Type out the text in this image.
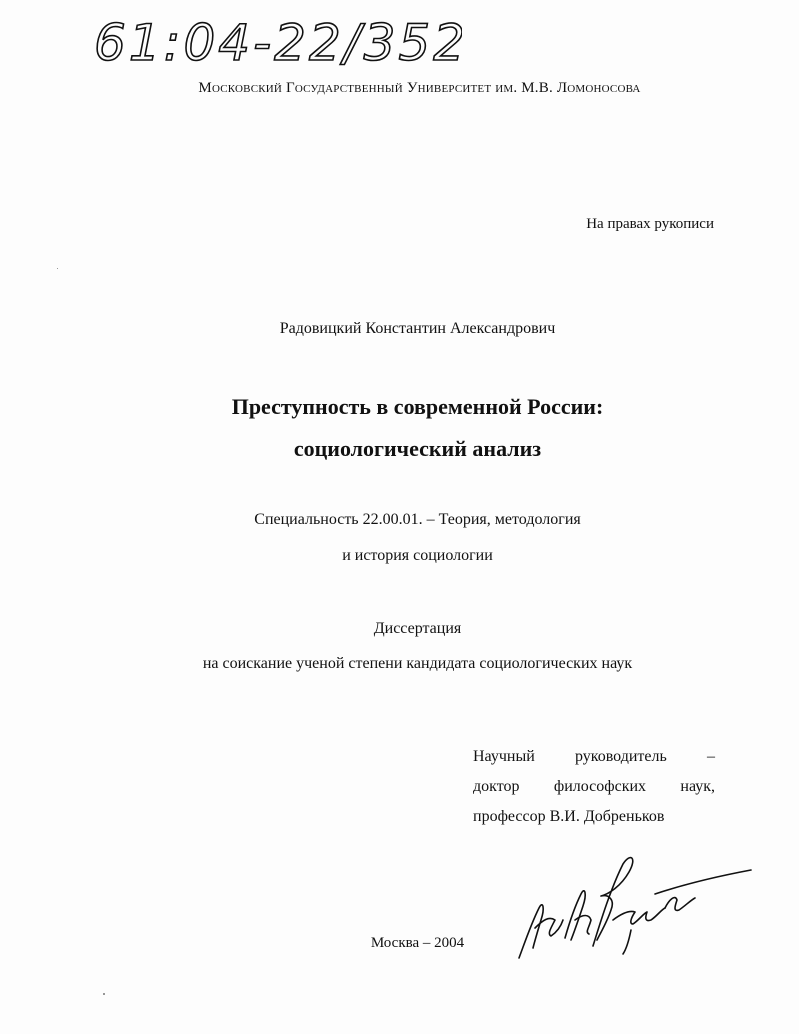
61:04-22/352
Московский Государственный Университет им. М.В. Ломоносова
На правах рукописи
Радовицкий Константин Александрович
Преступность в современной России:
социологический анализ
Специальность 22.00.01. – Теория, методология
и история социологии
Диссертация
на соискание ученой степени кандидата социологических наук
Научный руководитель –
доктор философских наук,
профессор В.И. Добреньков
Москва – 2004
